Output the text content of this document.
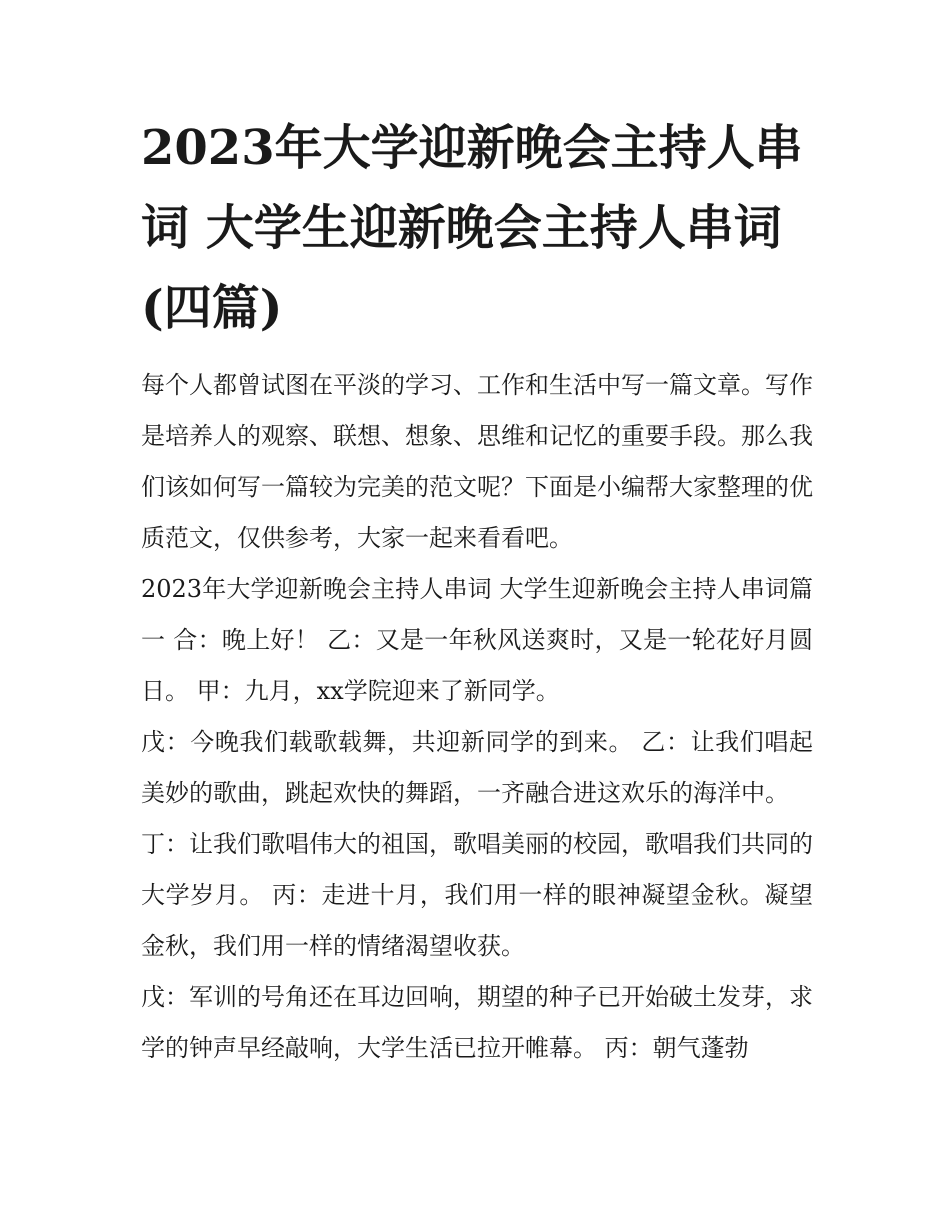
2023年大学迎新晚会主持人串词 大学生迎新晚会主持人串词(四篇)

每个人都曾试图在平淡的学习、工作和生活中写一篇文章。写作是培养人的观察、联想、想象、思维和记忆的重要手段。那么我们该如何写一篇较为完美的范文呢？下面是小编帮大家整理的优质范文，仅供参考，大家一起来看看吧。

2023年大学迎新晚会主持人串词 大学生迎新晚会主持人串词篇一 合：晚上好！ 乙：又是一年秋风送爽时，又是一轮花好月圆日。 甲：九月，xx学院迎来了新同学。

戊：今晚我们载歌载舞，共迎新同学的到来。 乙：让我们唱起美妙的歌曲，跳起欢快的舞蹈，一齐融合进这欢乐的海洋中。

丁：让我们歌唱伟大的祖国，歌唱美丽的校园，歌唱我们共同的大学岁月。 丙：走进十月，我们用一样的眼神凝望金秋。凝望金秋，我们用一样的情绪渴望收获。

戊：军训的号角还在耳边回响，期望的种子已开始破土发芽，求学的钟声早经敲响，大学生活已拉开帷幕。 丙：朝气蓬勃
